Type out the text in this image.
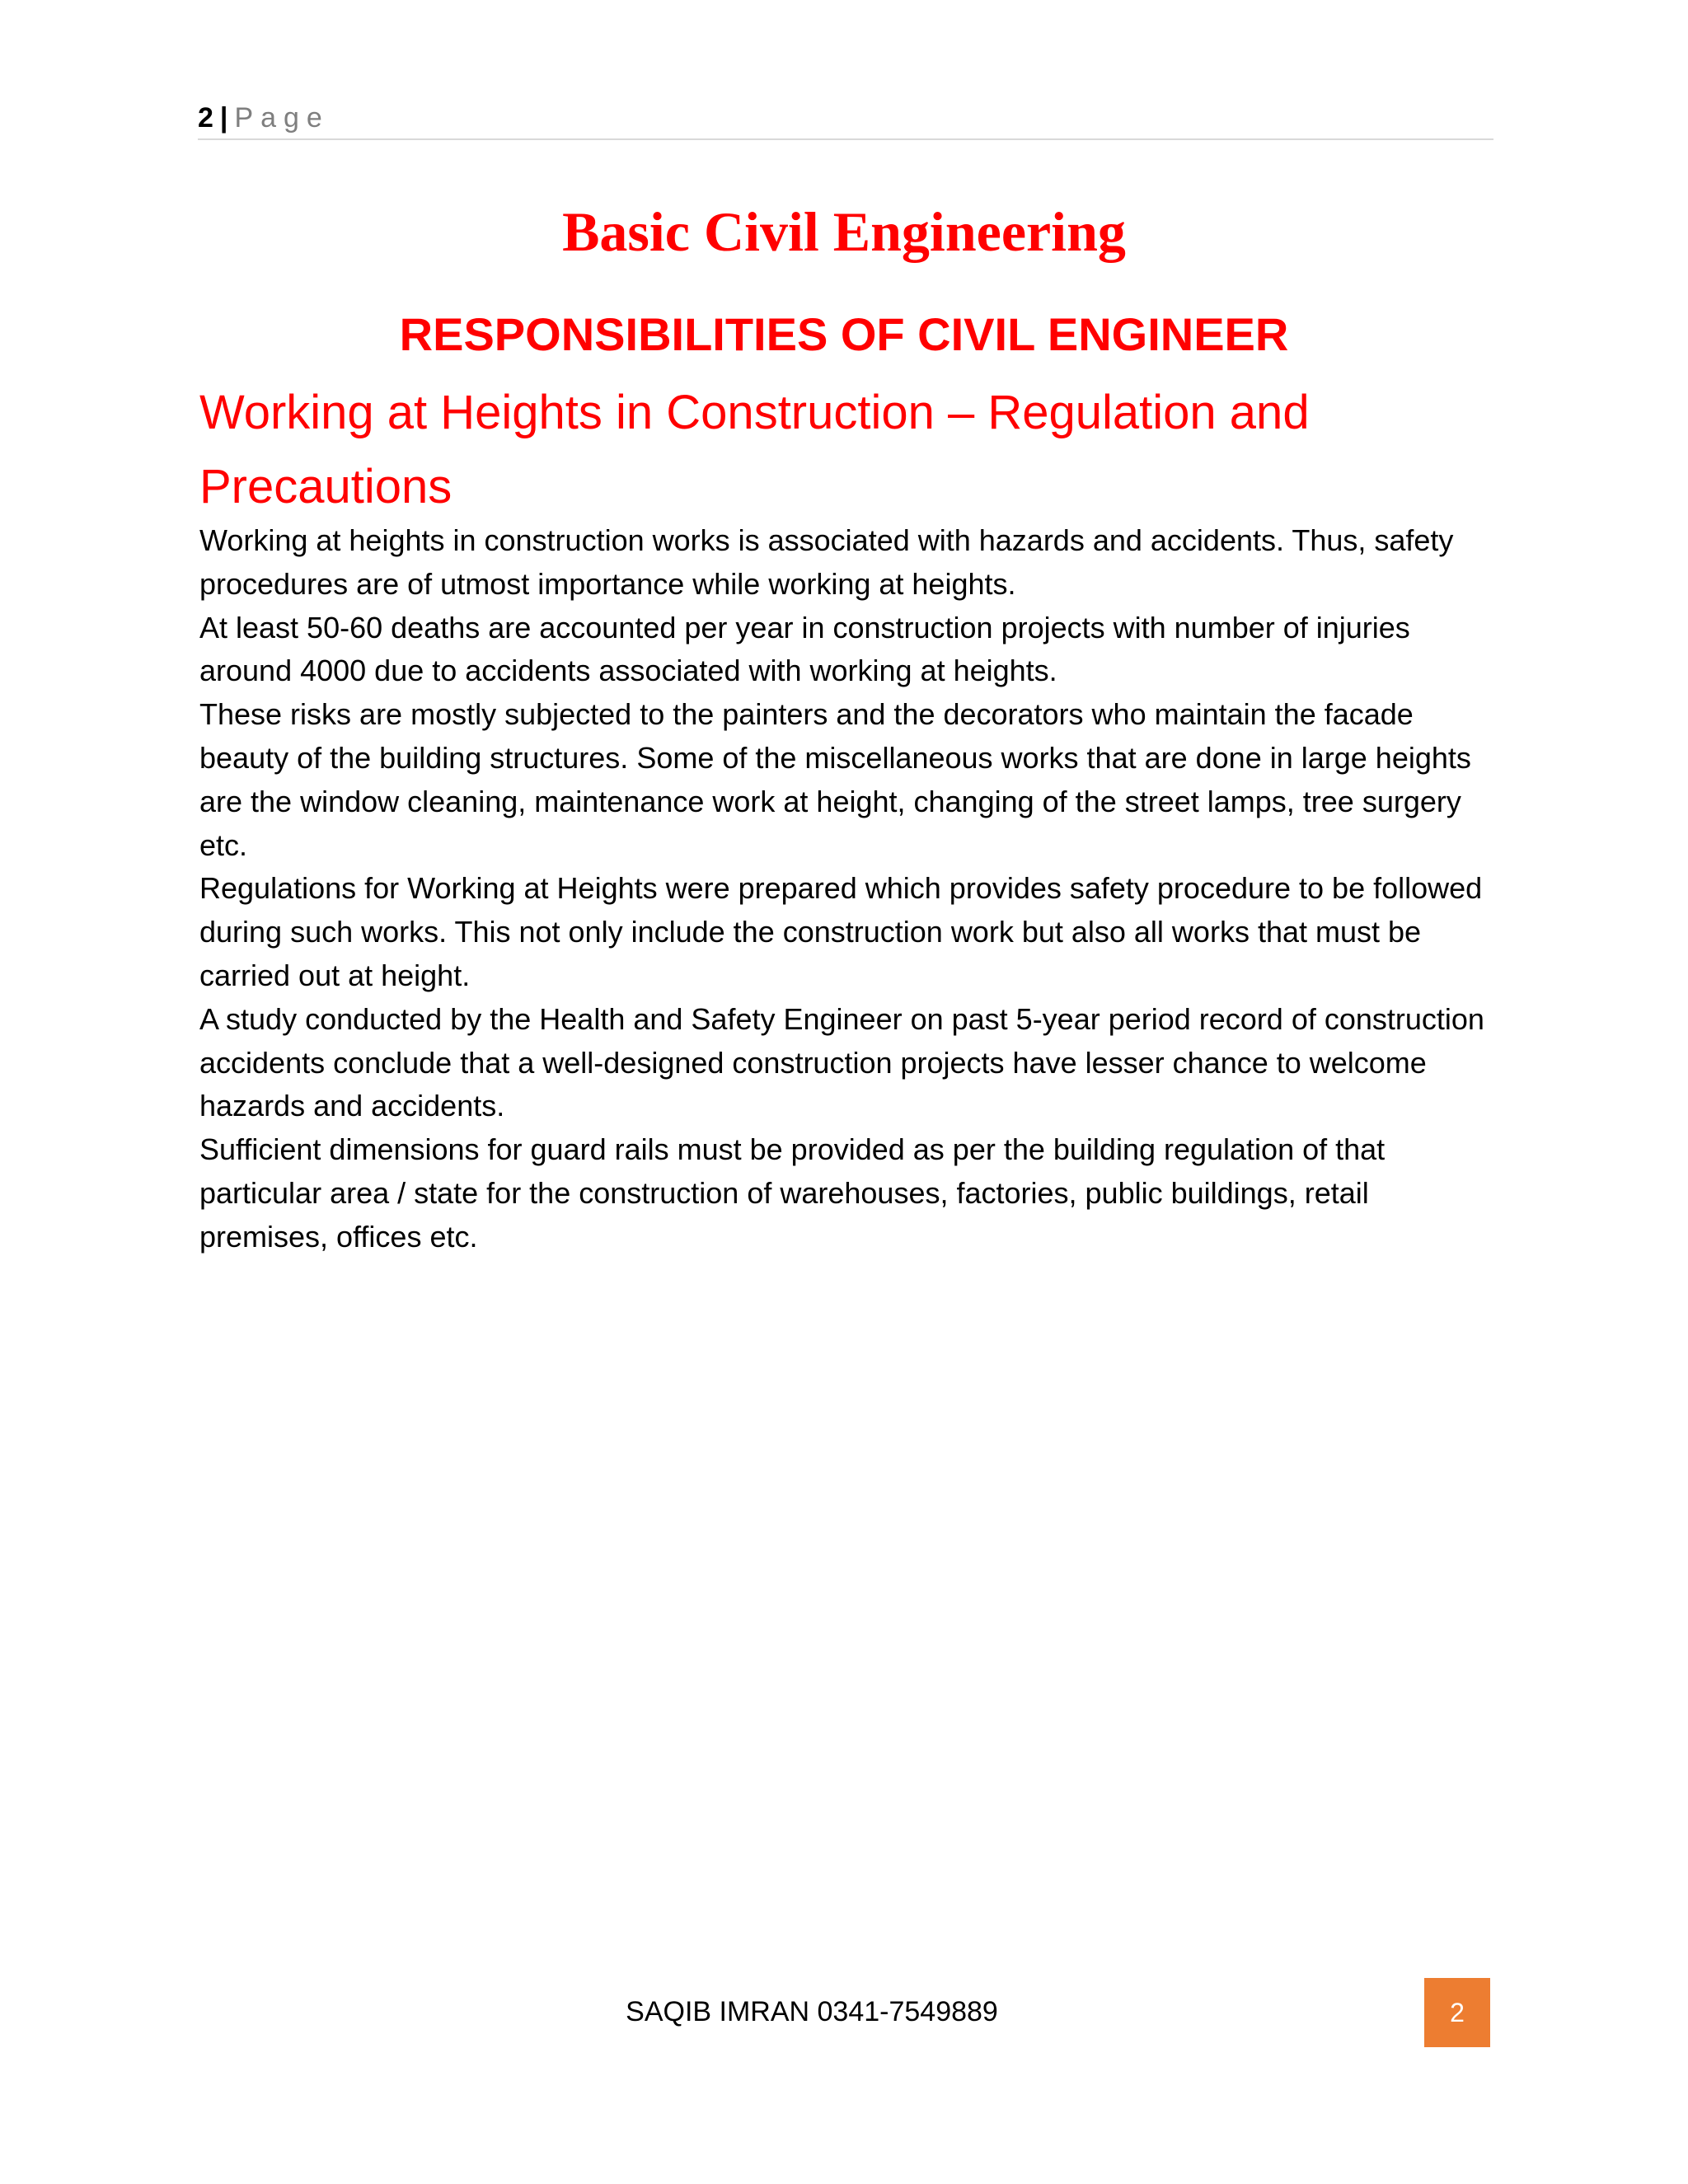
2 | Page
Basic Civil Engineering
RESPONSIBILITIES OF CIVIL ENGINEER
Working at Heights in Construction – Regulation and Precautions

Working at heights in construction works is associated with hazards and accidents. Thus, safety procedures are of utmost importance while working at heights.

At least 50-60 deaths are accounted per year in construction projects with number of injuries around 4000 due to accidents associated with working at heights.

These risks are mostly subjected to the painters and the decorators who maintain the facade beauty of the building structures. Some of the miscellaneous works that are done in large heights are the window cleaning, maintenance work at height, changing of the street lamps, tree surgery etc.

Regulations for Working at Heights were prepared which provides safety procedure to be followed during such works. This not only include the construction work but also all works that must be carried out at height.

A study conducted by the Health and Safety Engineer on past 5-year period record of construction accidents conclude that a well-designed construction projects have lesser chance to welcome hazards and accidents.

Sufficient dimensions for guard rails must be provided as per the building regulation of that particular area / state for the construction of warehouses, factories, public buildings, retail premises, offices etc.

SAQIB IMRAN 0341-7549889	2
